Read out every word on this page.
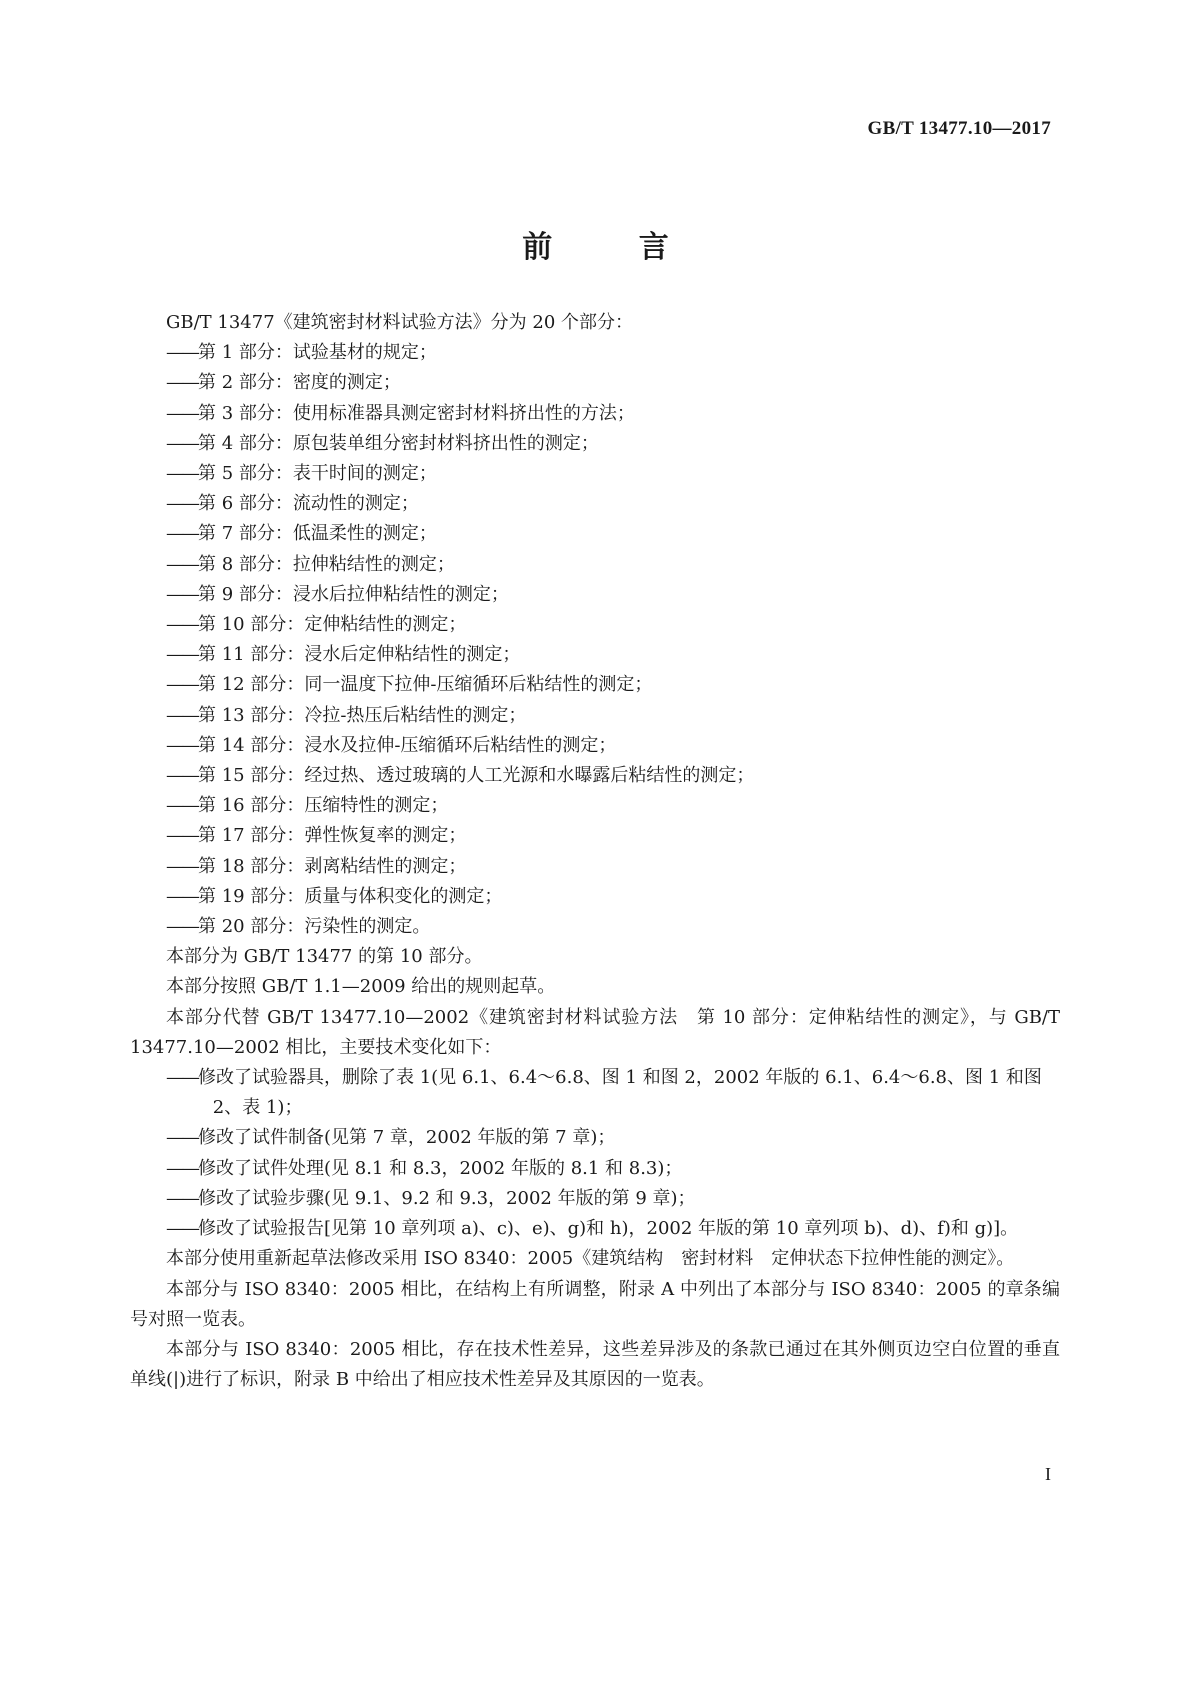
GB/T 13477.10—2017
前 言
GB/T 13477《建筑密封材料试验方法》分为 20 个部分：
——第 1 部分：试验基材的规定；
——第 2 部分：密度的测定；
——第 3 部分：使用标准器具测定密封材料挤出性的方法；
——第 4 部分：原包装单组分密封材料挤出性的测定；
——第 5 部分：表干时间的测定；
——第 6 部分：流动性的测定；
——第 7 部分：低温柔性的测定；
——第 8 部分：拉伸粘结性的测定；
——第 9 部分：浸水后拉伸粘结性的测定；
——第 10 部分：定伸粘结性的测定；
——第 11 部分：浸水后定伸粘结性的测定；
——第 12 部分：同一温度下拉伸-压缩循环后粘结性的测定；
——第 13 部分：冷拉-热压后粘结性的测定；
——第 14 部分：浸水及拉伸-压缩循环后粘结性的测定；
——第 15 部分：经过热、透过玻璃的人工光源和水曝露后粘结性的测定；
——第 16 部分：压缩特性的测定；
——第 17 部分：弹性恢复率的测定；
——第 18 部分：剥离粘结性的测定；
——第 19 部分：质量与体积变化的测定；
——第 20 部分：污染性的测定。
本部分为 GB/T 13477 的第 10 部分。
本部分按照 GB/T 1.1—2009 给出的规则起草。
本部分代替 GB/T 13477.10—2002《建筑密封材料试验方法　第 10 部分：定伸粘结性的测定》，与 GB/T 13477.10—2002 相比，主要技术变化如下：
——修改了试验器具，删除了表 1(见 6.1、6.4～6.8、图 1 和图 2，2002 年版的 6.1、6.4～6.8、图 1 和图 2、表 1)；
——修改了试件制备(见第 7 章，2002 年版的第 7 章)；
——修改了试件处理(见 8.1 和 8.3，2002 年版的 8.1 和 8.3)；
——修改了试验步骤(见 9.1、9.2 和 9.3，2002 年版的第 9 章)；
——修改了试验报告[见第 10 章列项 a)、c)、e)、g)和 h)，2002 年版的第 10 章列项 b)、d)、f)和 g)]。
本部分使用重新起草法修改采用 ISO 8340：2005《建筑结构　密封材料　定伸状态下拉伸性能的测定》。
本部分与 ISO 8340：2005 相比，在结构上有所调整，附录 A 中列出了本部分与 ISO 8340：2005 的章条编号对照一览表。
本部分与 ISO 8340：2005 相比，存在技术性差异，这些差异涉及的条款已通过在其外侧页边空白位置的垂直单线(|)进行了标识，附录 B 中给出了相应技术性差异及其原因的一览表。
I
